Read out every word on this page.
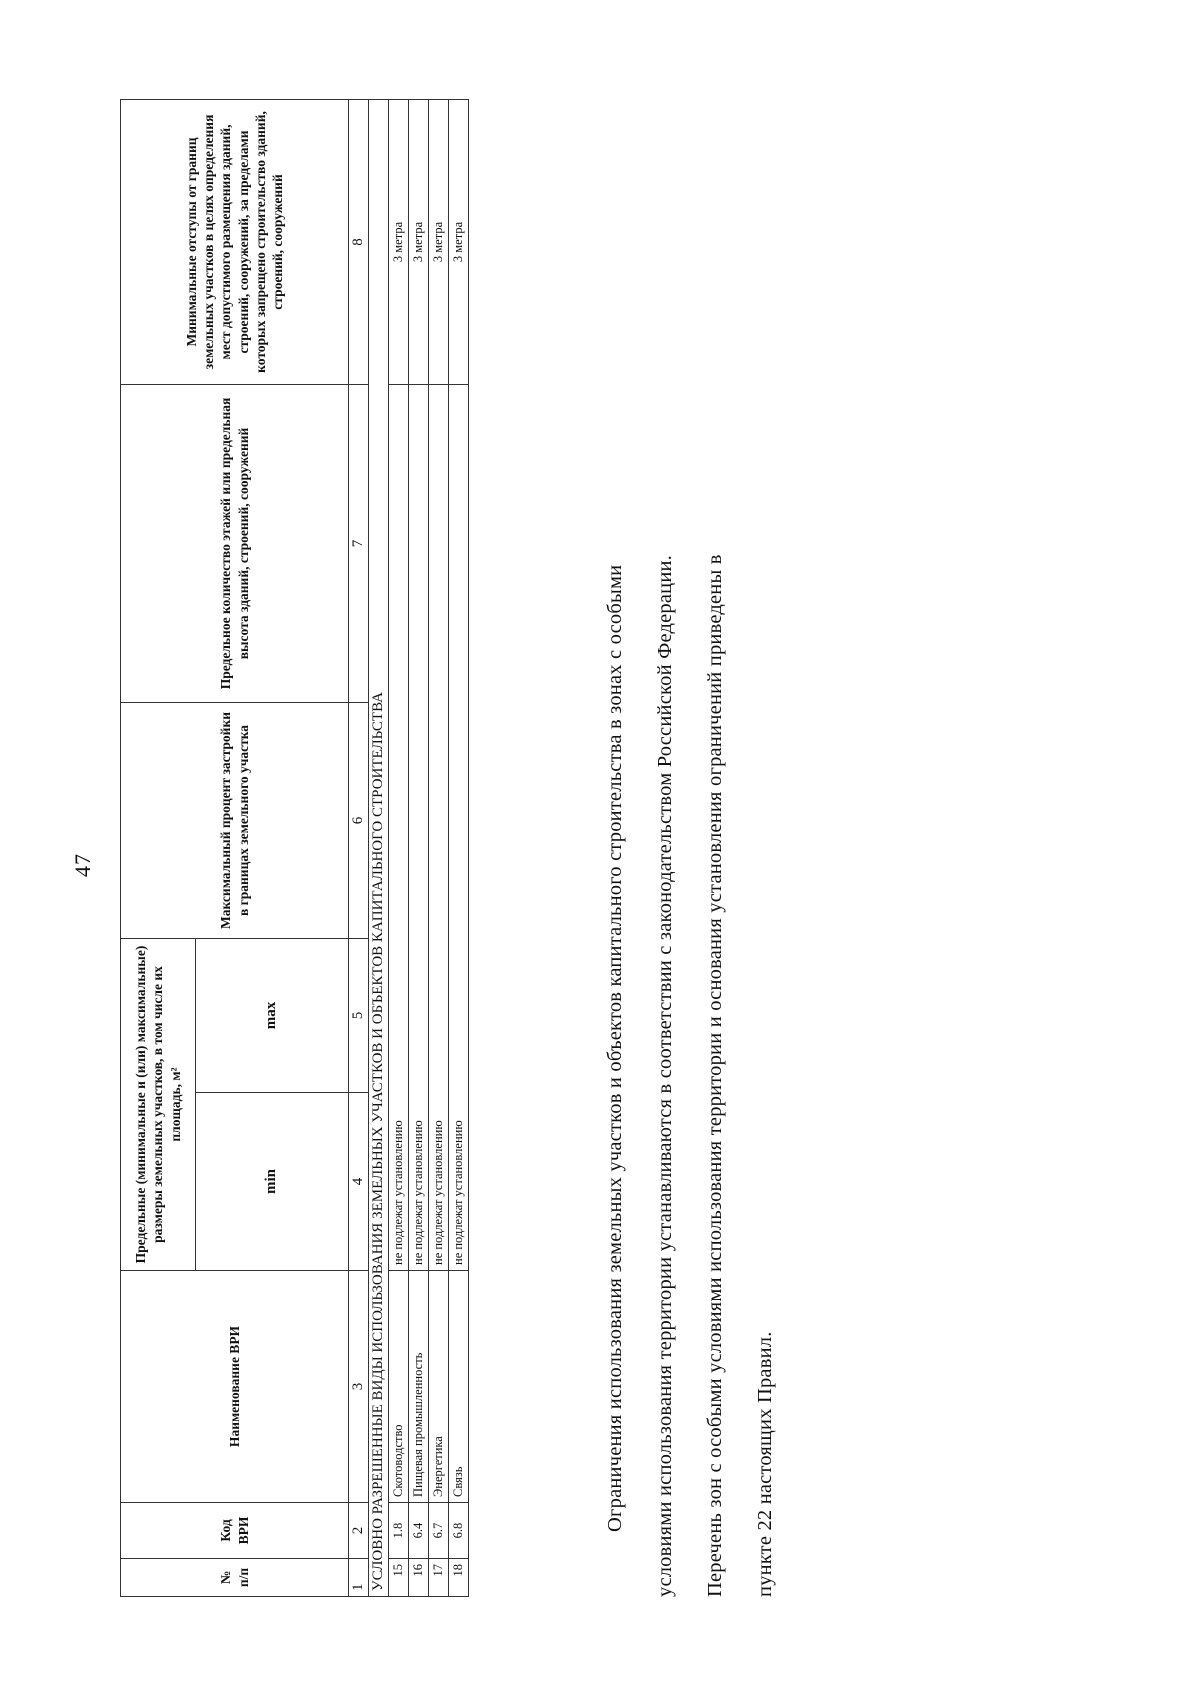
47
№ п/п	Код ВРИ	Наименование ВРИ	Предельные (минимальные и (или) максимальные) размеры земельных участков, в том числе их площадь, м²		Максимальный процент застройки в границах земельного участка	Предельное количество этажей или предельная высота зданий, строений, сооружений	Минимальные отступы от границ земельных участков в целях определения мест допустимого размещения зданий, строений, сооружений, за пределами которых запрещено строительство зданий, строений, сооружений
			min	max			
1	2	3	4	5	6	7	8
УСЛОВНО РАЗРЕШЕННЫЕ ВИДЫ ИСПОЛЬЗОВАНИЯ ЗЕМЕЛЬНЫХ УЧАСТКОВ И ОБЪЕКТОВ КАПИТАЛЬНОГО СТРОИТЕЛЬСТВА							
15	1.8	Скотоводство	не подлежат установлению				3 метра
16	6.4	Пищевая промышленность	не подлежат установлению				3 метра
17	6.7	Энергетика	не подлежат установлению				3 метра
18	6.8	Связь	не подлежат установлению				3 метра

Ограничения использования земельных участков и объектов капитального строительства в зонах с особыми	условиями использования территории устанавливаются в соответствии с законодательством Российской Федерации.	Перечень зон с особыми условиями использования территории и основания установления ограничений приведены в	пункте 22 настоящих Правил.
